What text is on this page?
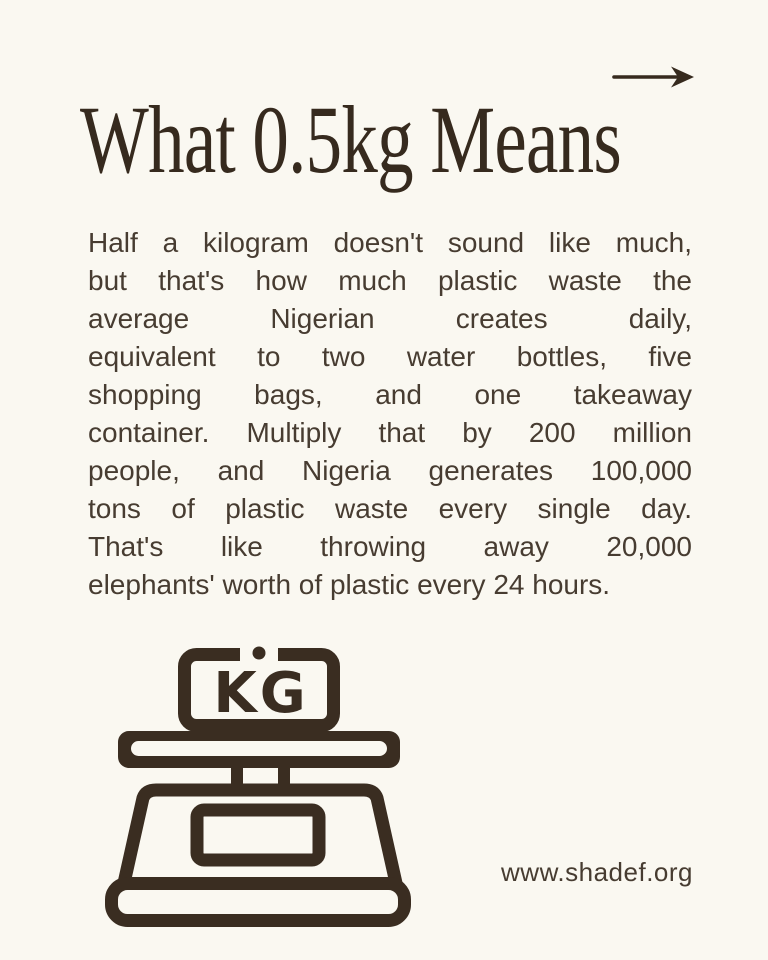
What 0.5kg Means
Half a kilogram doesn't sound like much,
but that's how much plastic waste the
average Nigerian creates daily,
equivalent to two water bottles, five
shopping bags, and one takeaway
container. Multiply that by 200 million
people, and Nigeria generates 100,000
tons of plastic waste every single day.
That's like throwing away 20,000
elephants' worth of plastic every 24 hours.
KG
www.shadef.org
